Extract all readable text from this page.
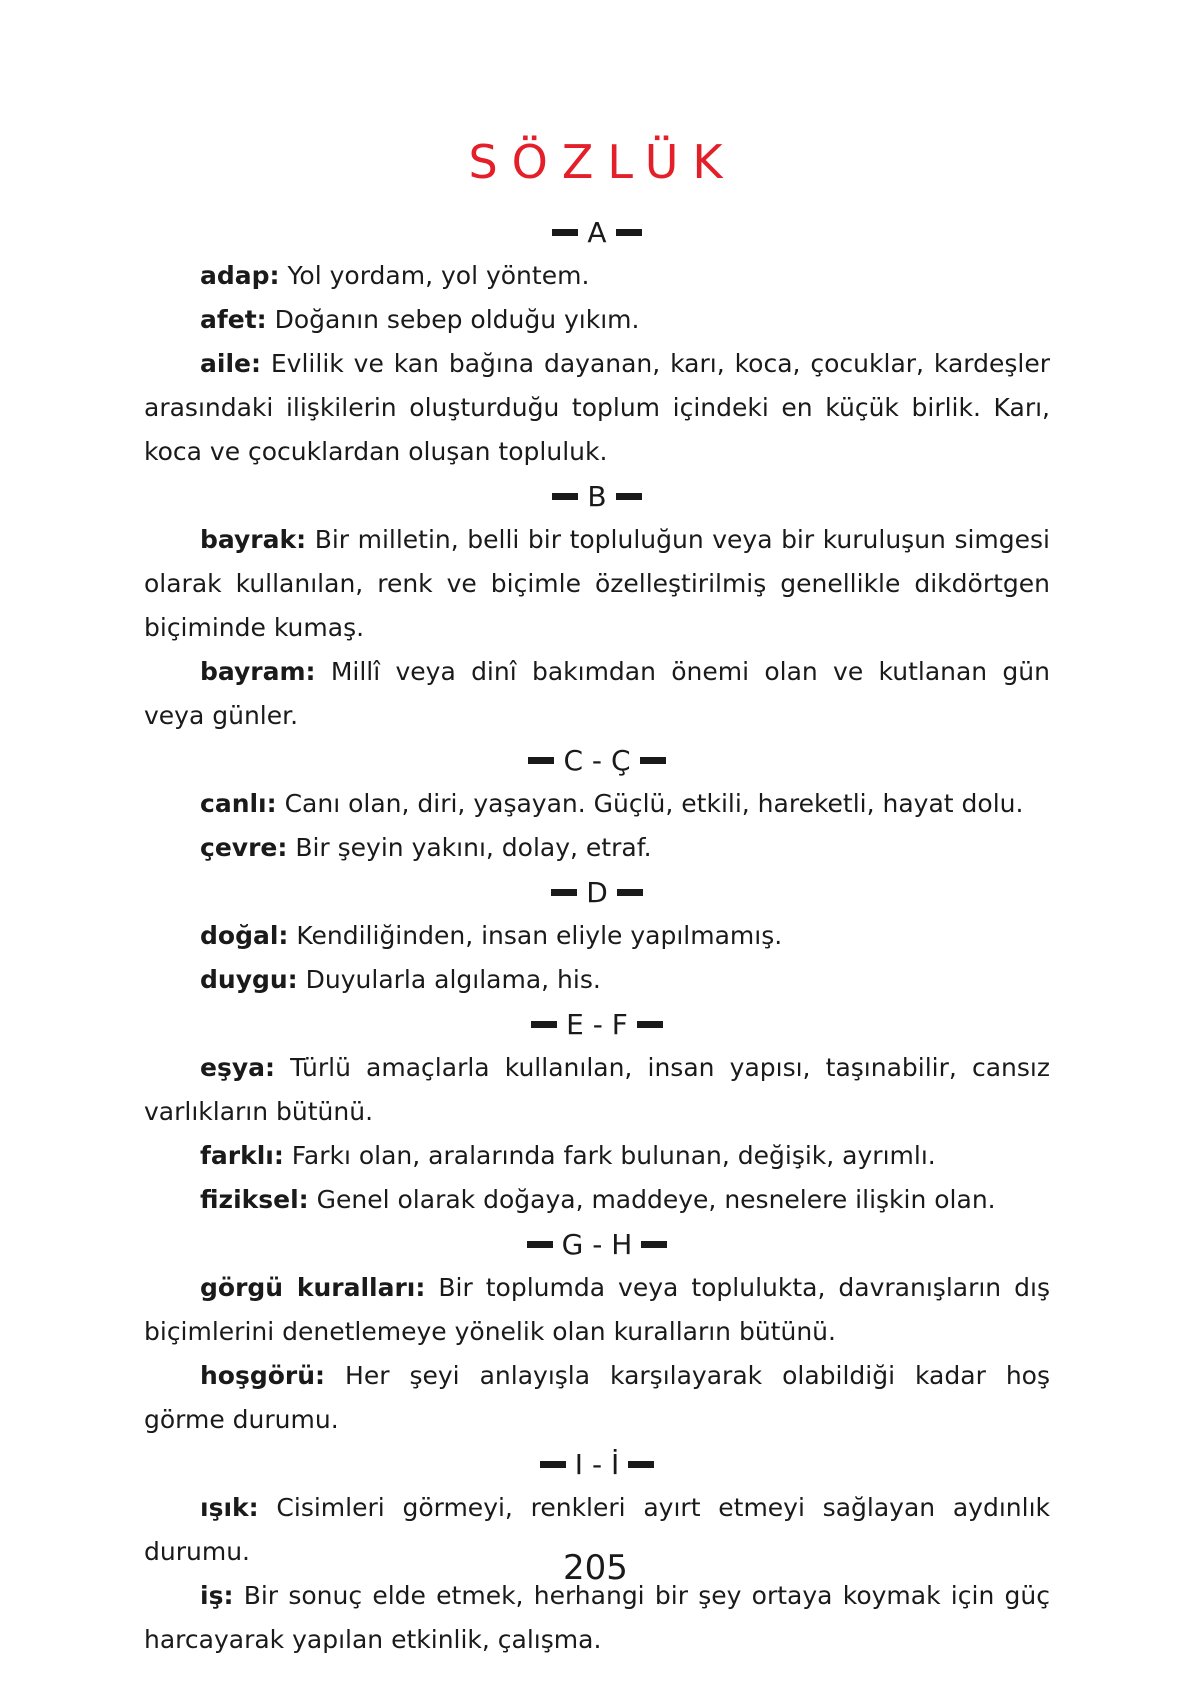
SÖZLÜK
A

adap: Yol yordam, yol yöntem.

afet: Doğanın sebep olduğu yıkım.

aile: Evlilik ve kan bağına dayanan, karı, koca, çocuklar, kardeşler arasındaki ilişkilerin oluşturduğu toplum içindeki en küçük birlik. Karı, koca ve çocuklardan oluşan topluluk.

B

bayrak: Bir milletin, belli bir topluluğun veya bir kuruluşun simgesi olarak kullanılan, renk ve biçimle özelleştirilmiş genellikle dikdörtgen biçiminde kumaş.

bayram: Millî veya dinî bakımdan önemi olan ve kutlanan gün veya günler.

C - Ç

canlı: Canı olan, diri, yaşayan. Güçlü, etkili, hareketli, hayat dolu.

çevre: Bir şeyin yakını, dolay, etraf.

D

doğal: Kendiliğinden, insan eliyle yapılmamış.

duygu: Duyularla algılama, his.

E - F

eşya: Türlü amaçlarla kullanılan, insan yapısı, taşınabilir, cansız varlıkların bütünü.

farklı: Farkı olan, aralarında fark bulunan, değişik, ayrımlı.

fiziksel: Genel olarak doğaya, maddeye, nesnelere ilişkin olan.

G - H

görgü kuralları: Bir toplumda veya toplulukta, davranışların dış biçimlerini denetlemeye yönelik olan kuralların bütünü.

hoşgörü: Her şeyi anlayışla karşılayarak olabildiği kadar hoş görme durumu.

I - İ

ışık: Cisimleri görmeyi, renkleri ayırt etmeyi sağlayan aydınlık durumu.

iş: Bir sonuç elde etmek, herhangi bir şey ortaya koymak için güç harcayarak yapılan etkinlik, çalışma.

205
